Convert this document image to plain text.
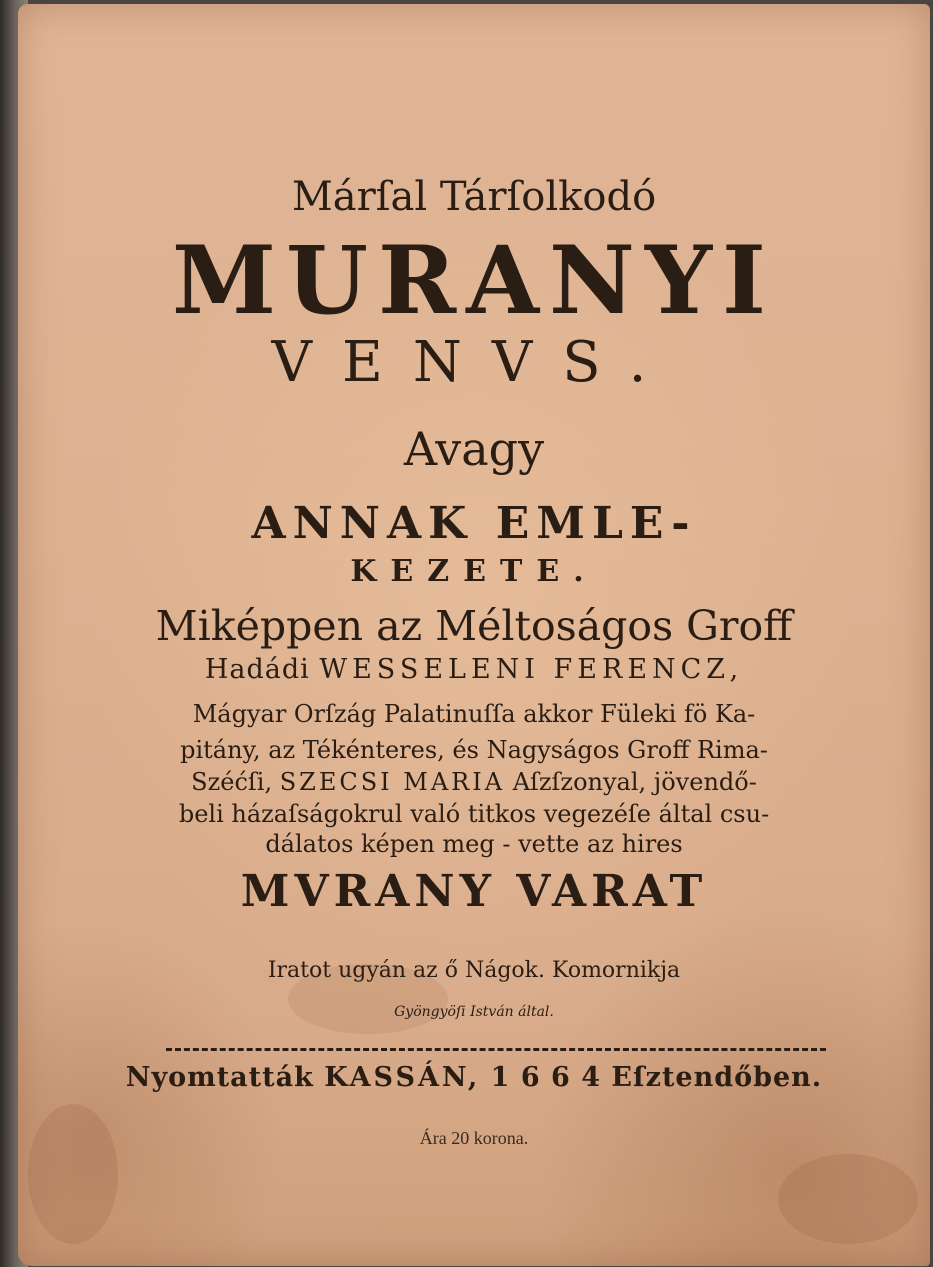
Márſal Tárſolkodó
MURANYI
VENVS.
Avagy
ANNAK EMLE-
KEZETE.
Miképpen az Méltoságos Groff
Hadádi WESSELENI FERENCZ,
Mágyar Orſzág Palatinuſſa akkor Füleki fö Ka-
pitány, az Tékénteres, és Nagyságos Groff Rima-
Széćſi, SZECSI MARIA Aſzſzonyal, jövendő-
beli házaſságokrul való titkos vegezéſe által csu-
dálatos képen meg - vette az hires
MVRANY VARAT
Iratot ugyán az ő Nágok. Komornikja
Gyöngyöſi István által.
Nyomtatták KASSÁN, 1 6 6 4 Eſztendőben.
Ára 20 korona.
